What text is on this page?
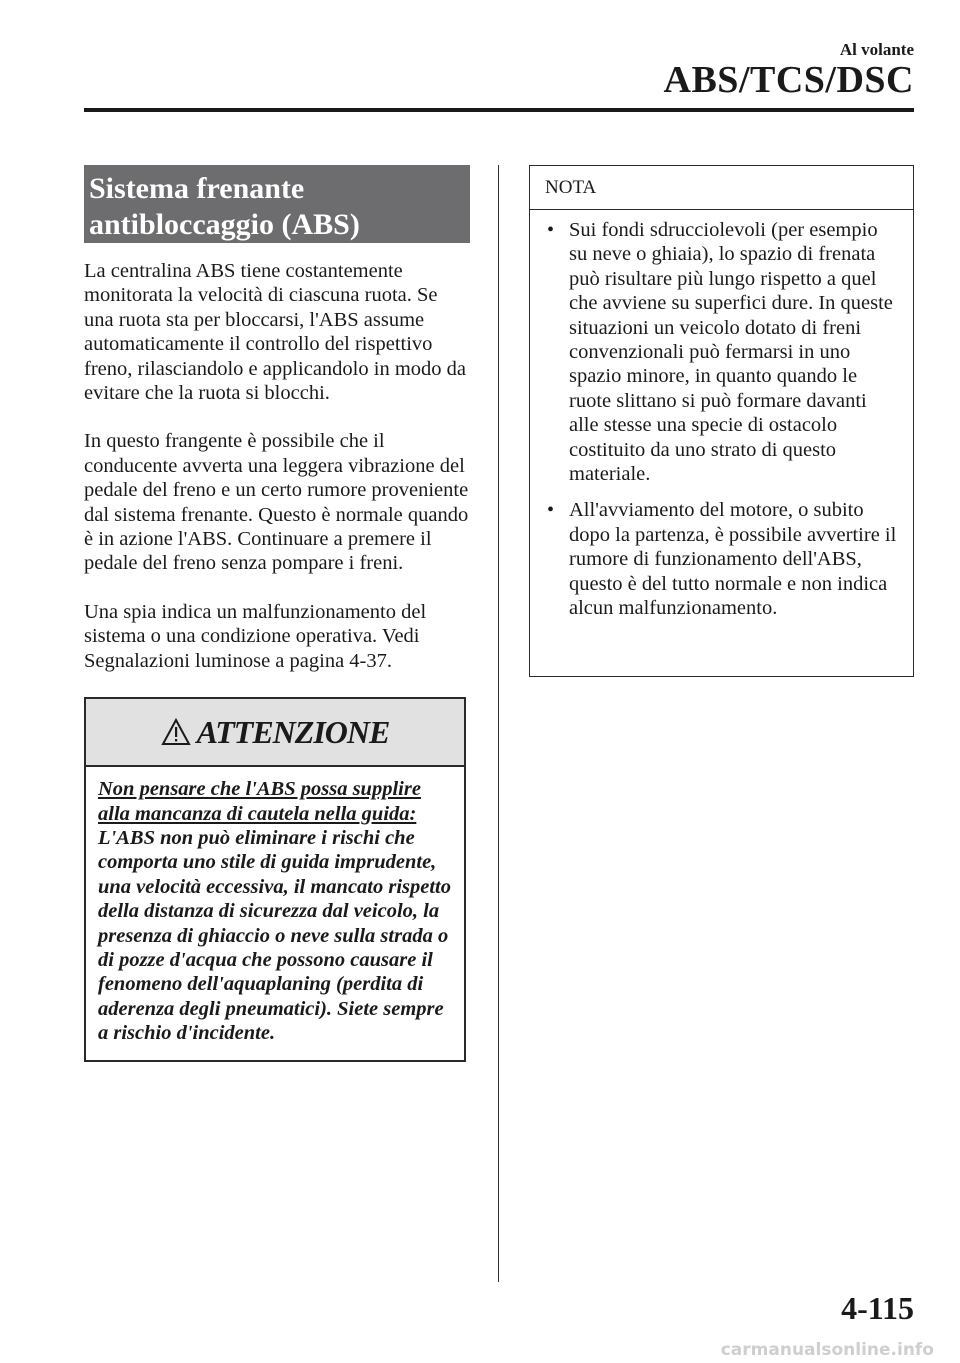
Al volante
ABS/TCS/DSC
Sistema frenante
antibloccaggio (ABS)

La centralina ABS tiene costantemente monitorata la velocità di ciascuna ruota. Se una ruota sta per bloccarsi, l'ABS assume automaticamente il controllo del rispettivo freno, rilasciandolo e applicandolo in modo da evitare che la ruota si blocchi.

In questo frangente è possibile che il conducente avverta una leggera vibrazione del pedale del freno e un certo rumore proveniente dal sistema frenante. Questo è normale quando è in azione l'ABS. Continuare a premere il pedale del freno senza pompare i freni.

Una spia indica un malfunzionamento del sistema o una condizione operativa. Vedi Segnalazioni luminose a pagina 4-37.

ATTENZIONE
Non pensare che l'ABS possa supplire alla mancanza di cautela nella guida:
L'ABS non può eliminare i rischi che comporta uno stile di guida imprudente, una velocità eccessiva, il mancato rispetto della distanza di sicurezza dal veicolo, la presenza di ghiaccio o neve sulla strada o di pozze d'acqua che possono causare il fenomeno dell'aquaplaning (perdita di aderenza degli pneumatici). Siete sempre a rischio d'incidente.
NOTA
• Sui fondi sdrucciolevoli (per esempio su neve o ghiaia), lo spazio di frenata può risultare più lungo rispetto a quel che avviene su superfici dure. In queste situazioni un veicolo dotato di freni convenzionali può fermarsi in uno spazio minore, in quanto quando le ruote slittano si può formare davanti alle stesse una specie di ostacolo costituito da uno strato di questo materiale.
• All'avviamento del motore, o subito dopo la partenza, è possibile avvertire il rumore di funzionamento dell'ABS, questo è del tutto normale e non indica alcun malfunzionamento.
4-115
carmanualsonline.info
